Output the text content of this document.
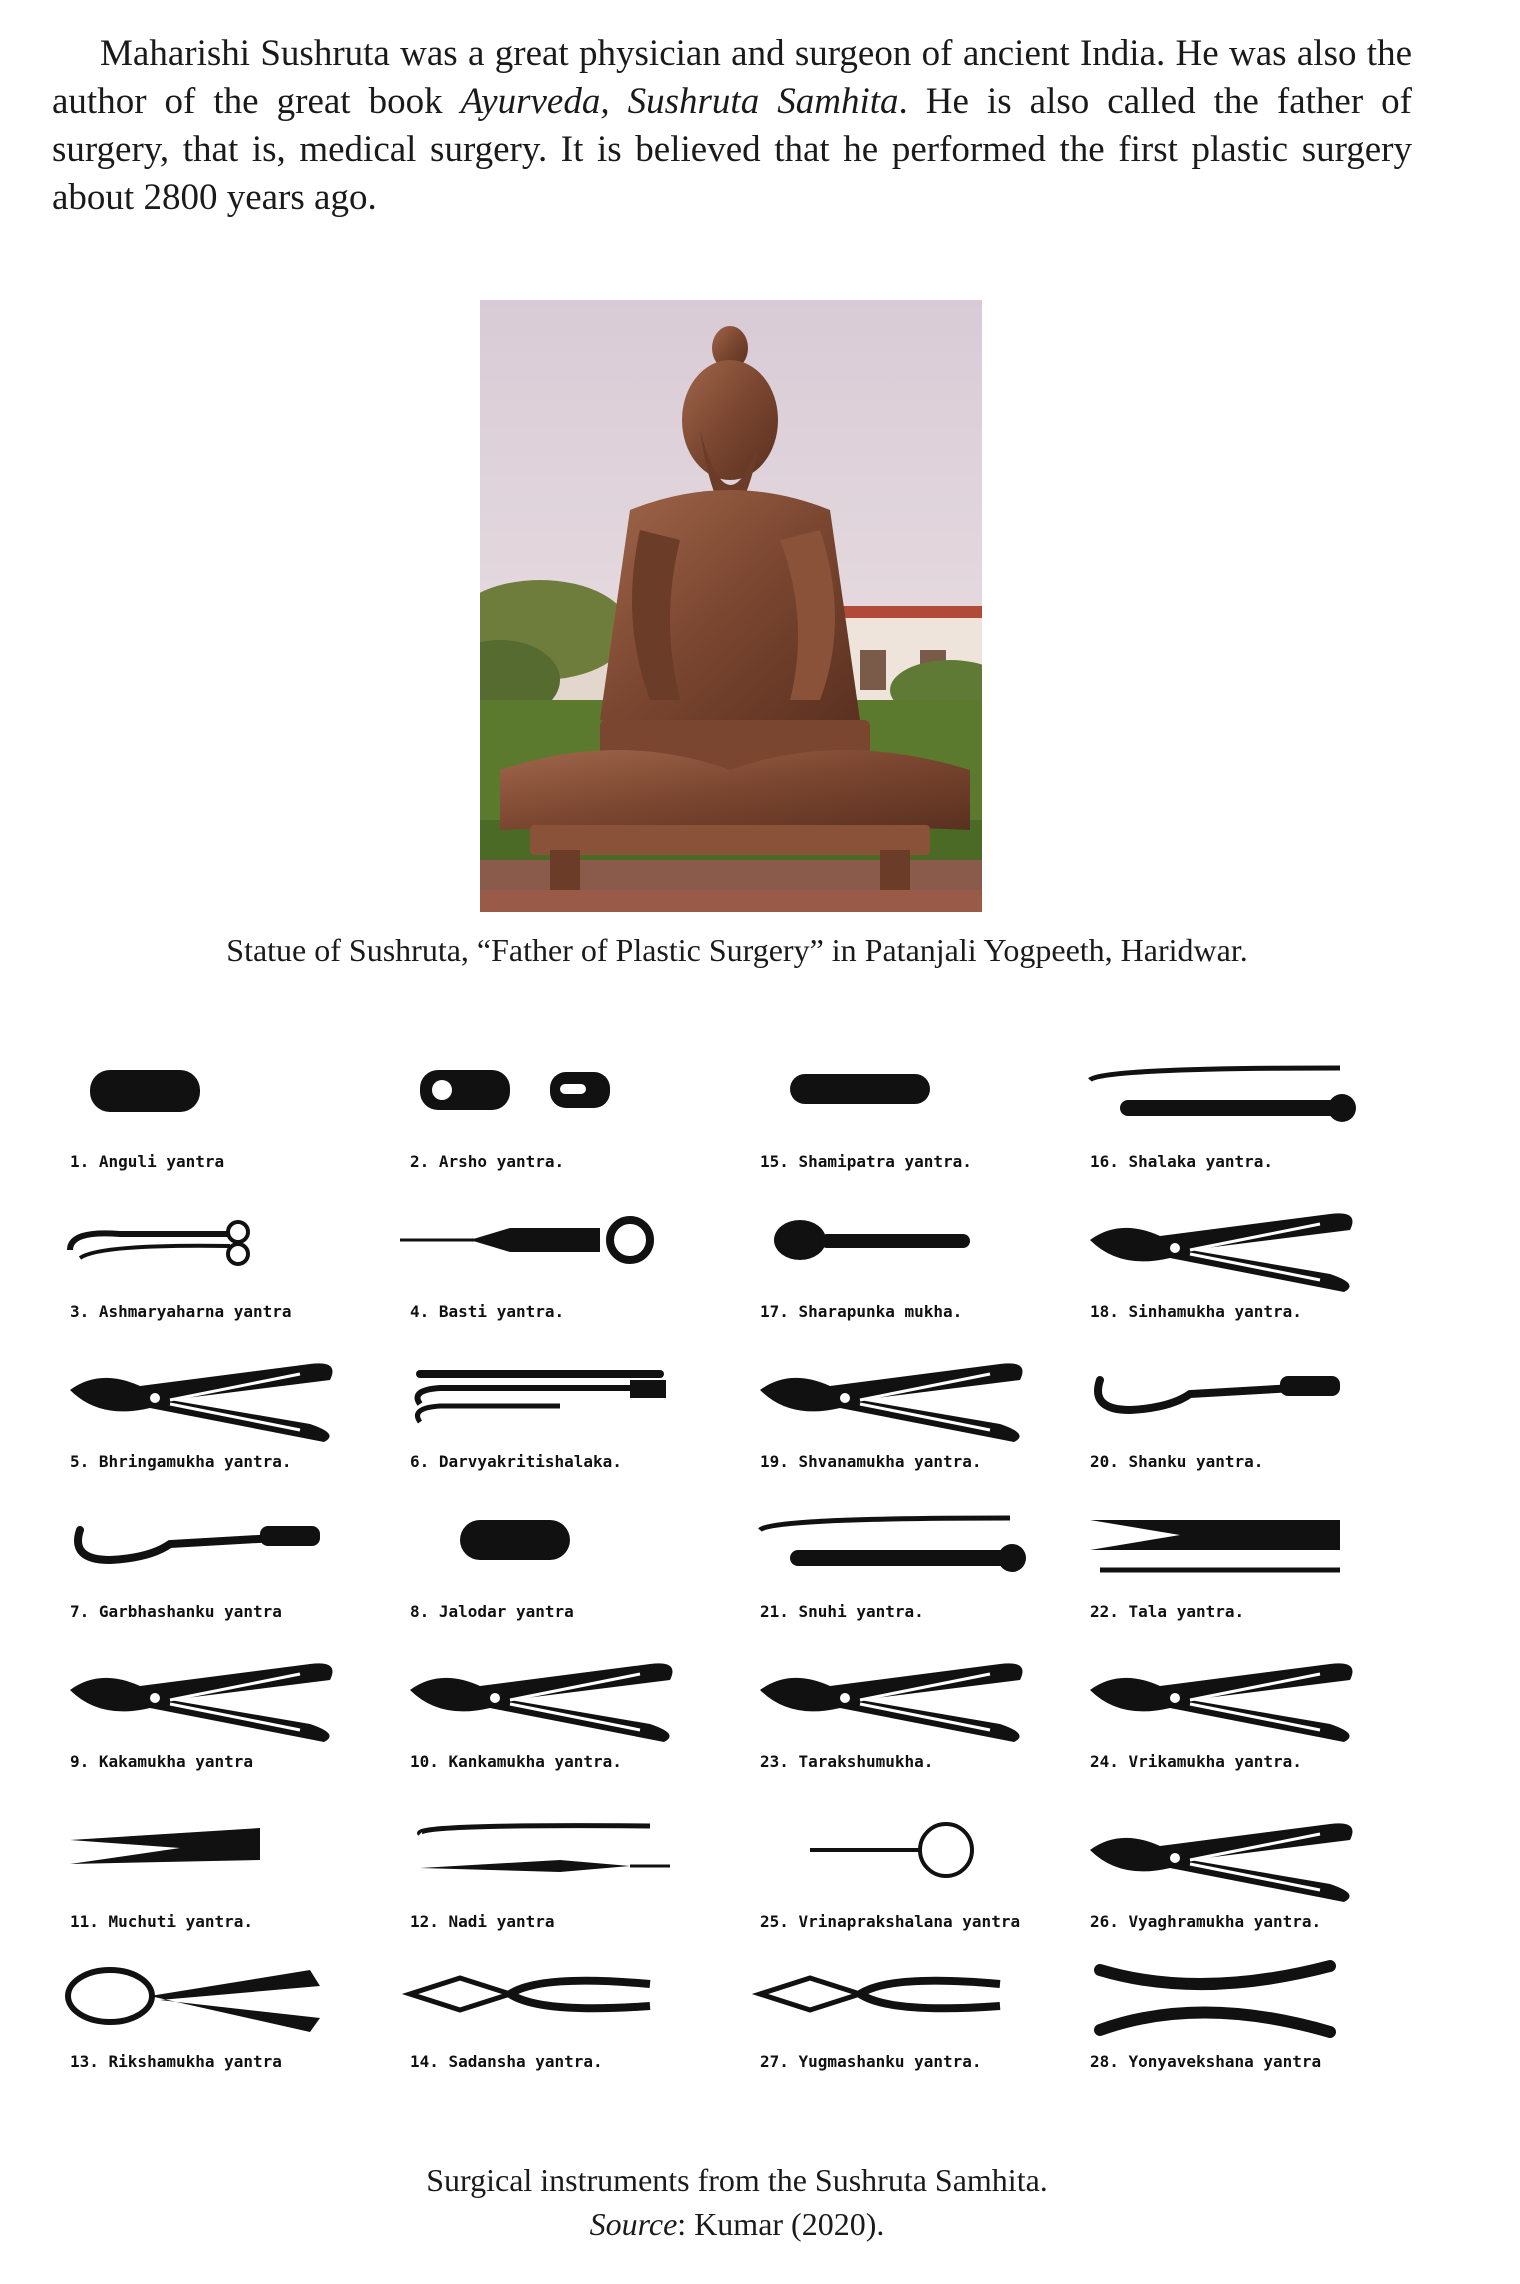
Maharishi Sushruta was a great physician and surgeon of ancient India. He was also the author of the great book Ayurveda, Sushruta Samhita. He is also called the father of surgery, that is, medical surgery. It is believed that he performed the first plastic surgery about 2800 years ago.

Statue of Sushruta, “Father of Plastic Surgery” in Patanjali Yogpeeth, Haridwar.
1. Anguli yantra	2. Arsho yantra.	15. Shamipatra yantra.	16. Shalaka yantra.
3. Ashmaryaharna yantra	4. Basti yantra.	17. Sharapunka mukha.	18. Sinhamukha yantra.
5. Bhringamukha yantra.	6. Darvyakritishalaka.	19. Shvanamukha yantra.	20. Shanku yantra.
7. Garbhashanku yantra	8. Jalodar yantra	21. Snuhi yantra.	22. Tala yantra.
9. Kakamukha yantra	10. Kankamukha yantra.	23. Tarakshumukha.	24. Vrikamukha yantra.
11. Muchuti yantra.	12. Nadi yantra	25. Vrinaprakshalana yantra	26. Vyaghramukha yantra.
13. Rikshamukha yantra	14. Sadansha yantra.	27. Yugmashanku yantra.	28. Yonyavekshana yantra
Surgical instruments from the Sushruta Samhita.
Source: Kumar (2020).
